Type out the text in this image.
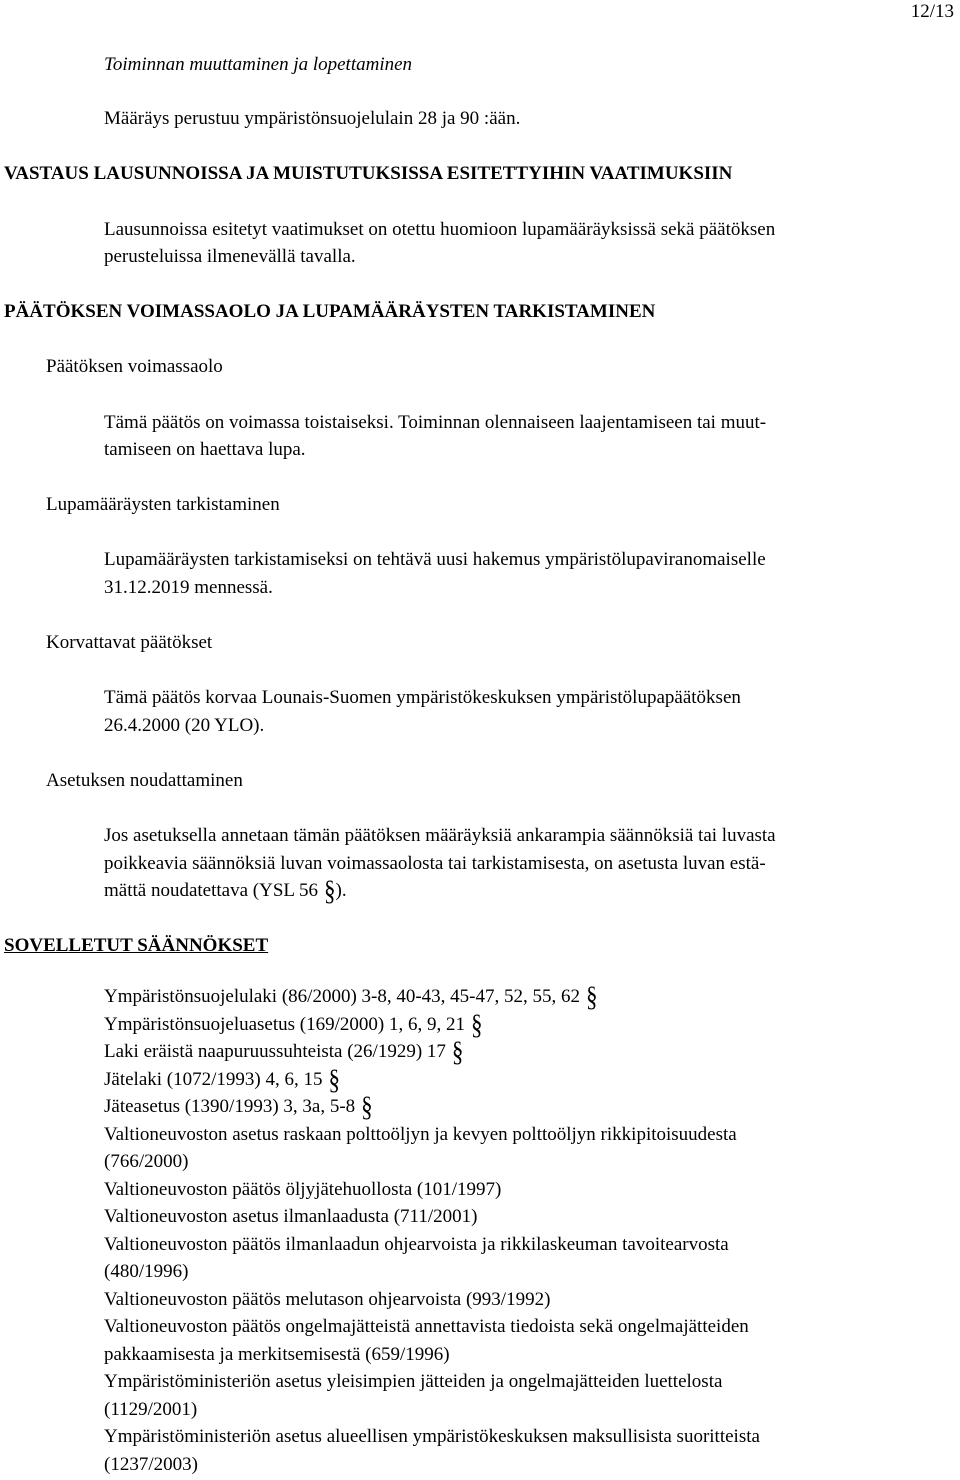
12/13
Toiminnan muuttaminen ja lopettaminen
Määräys perustuu ympäristönsuojelulain 28 ja 90 :ään.
VASTAUS LAUSUNNOISSA JA MUISTUTUKSISSA ESITETTYIHIN VAATIMUKSIIN
Lausunnoissa esitetyt vaatimukset on otettu huomioon lupamääräyksissä sekä päätöksen
perusteluissa ilmenevällä tavalla.
PÄÄTÖKSEN VOIMASSAOLO JA LUPAMÄÄRÄYSTEN TARKISTAMINEN
Päätöksen voimassaolo
Tämä päätös on voimassa toistaiseksi. Toiminnan olennaiseen laajentamiseen tai muut-
tamiseen on haettava lupa.
Lupamääräysten tarkistaminen
Lupamääräysten tarkistamiseksi on tehtävä uusi hakemus ympäristölupaviranomaiselle
31.12.2019 mennessä.
Korvattavat päätökset
Tämä päätös korvaa Lounais-Suomen ympäristökeskuksen ympäristölupapäätöksen
26.4.2000 (20 YLO).
Asetuksen noudattaminen
Jos asetuksella annetaan tämän päätöksen määräyksiä ankarampia säännöksiä tai luvasta
poikkeavia säännöksiä luvan voimassaolosta tai tarkistamisesta, on asetusta luvan estä-
mättä noudatettava (YSL 56 §).
SOVELLETUT SÄÄNNÖKSET
Ympäristönsuojelulaki (86/2000) 3-8, 40-43, 45-47, 52, 55, 62 §
Ympäristönsuojeluasetus (169/2000) 1, 6, 9, 21 §
Laki eräistä naapuruussuhteista (26/1929) 17 §
Jätelaki (1072/1993) 4, 6, 15 §
Jäteasetus (1390/1993) 3, 3a, 5-8 §
Valtioneuvoston asetus raskaan polttoöljyn ja kevyen polttoöljyn rikkipitoisuudesta
(766/2000)
Valtioneuvoston päätös öljyjätehuollosta (101/1997)
Valtioneuvoston asetus ilmanlaadusta (711/2001)
Valtioneuvoston päätös ilmanlaadun ohjearvoista ja rikkilaskeuman tavoitearvosta
(480/1996)
Valtioneuvoston päätös melutason ohjearvoista (993/1992)
Valtioneuvoston päätös ongelmajätteistä annettavista tiedoista sekä ongelmajätteiden
pakkaamisesta ja merkitsemisestä (659/1996)
Ympäristöministeriön asetus yleisimpien jätteiden ja ongelmajätteiden luettelosta
(1129/2001)
Ympäristöministeriön asetus alueellisen ympäristökeskuksen maksullisista suoritteista
(1237/2003)
